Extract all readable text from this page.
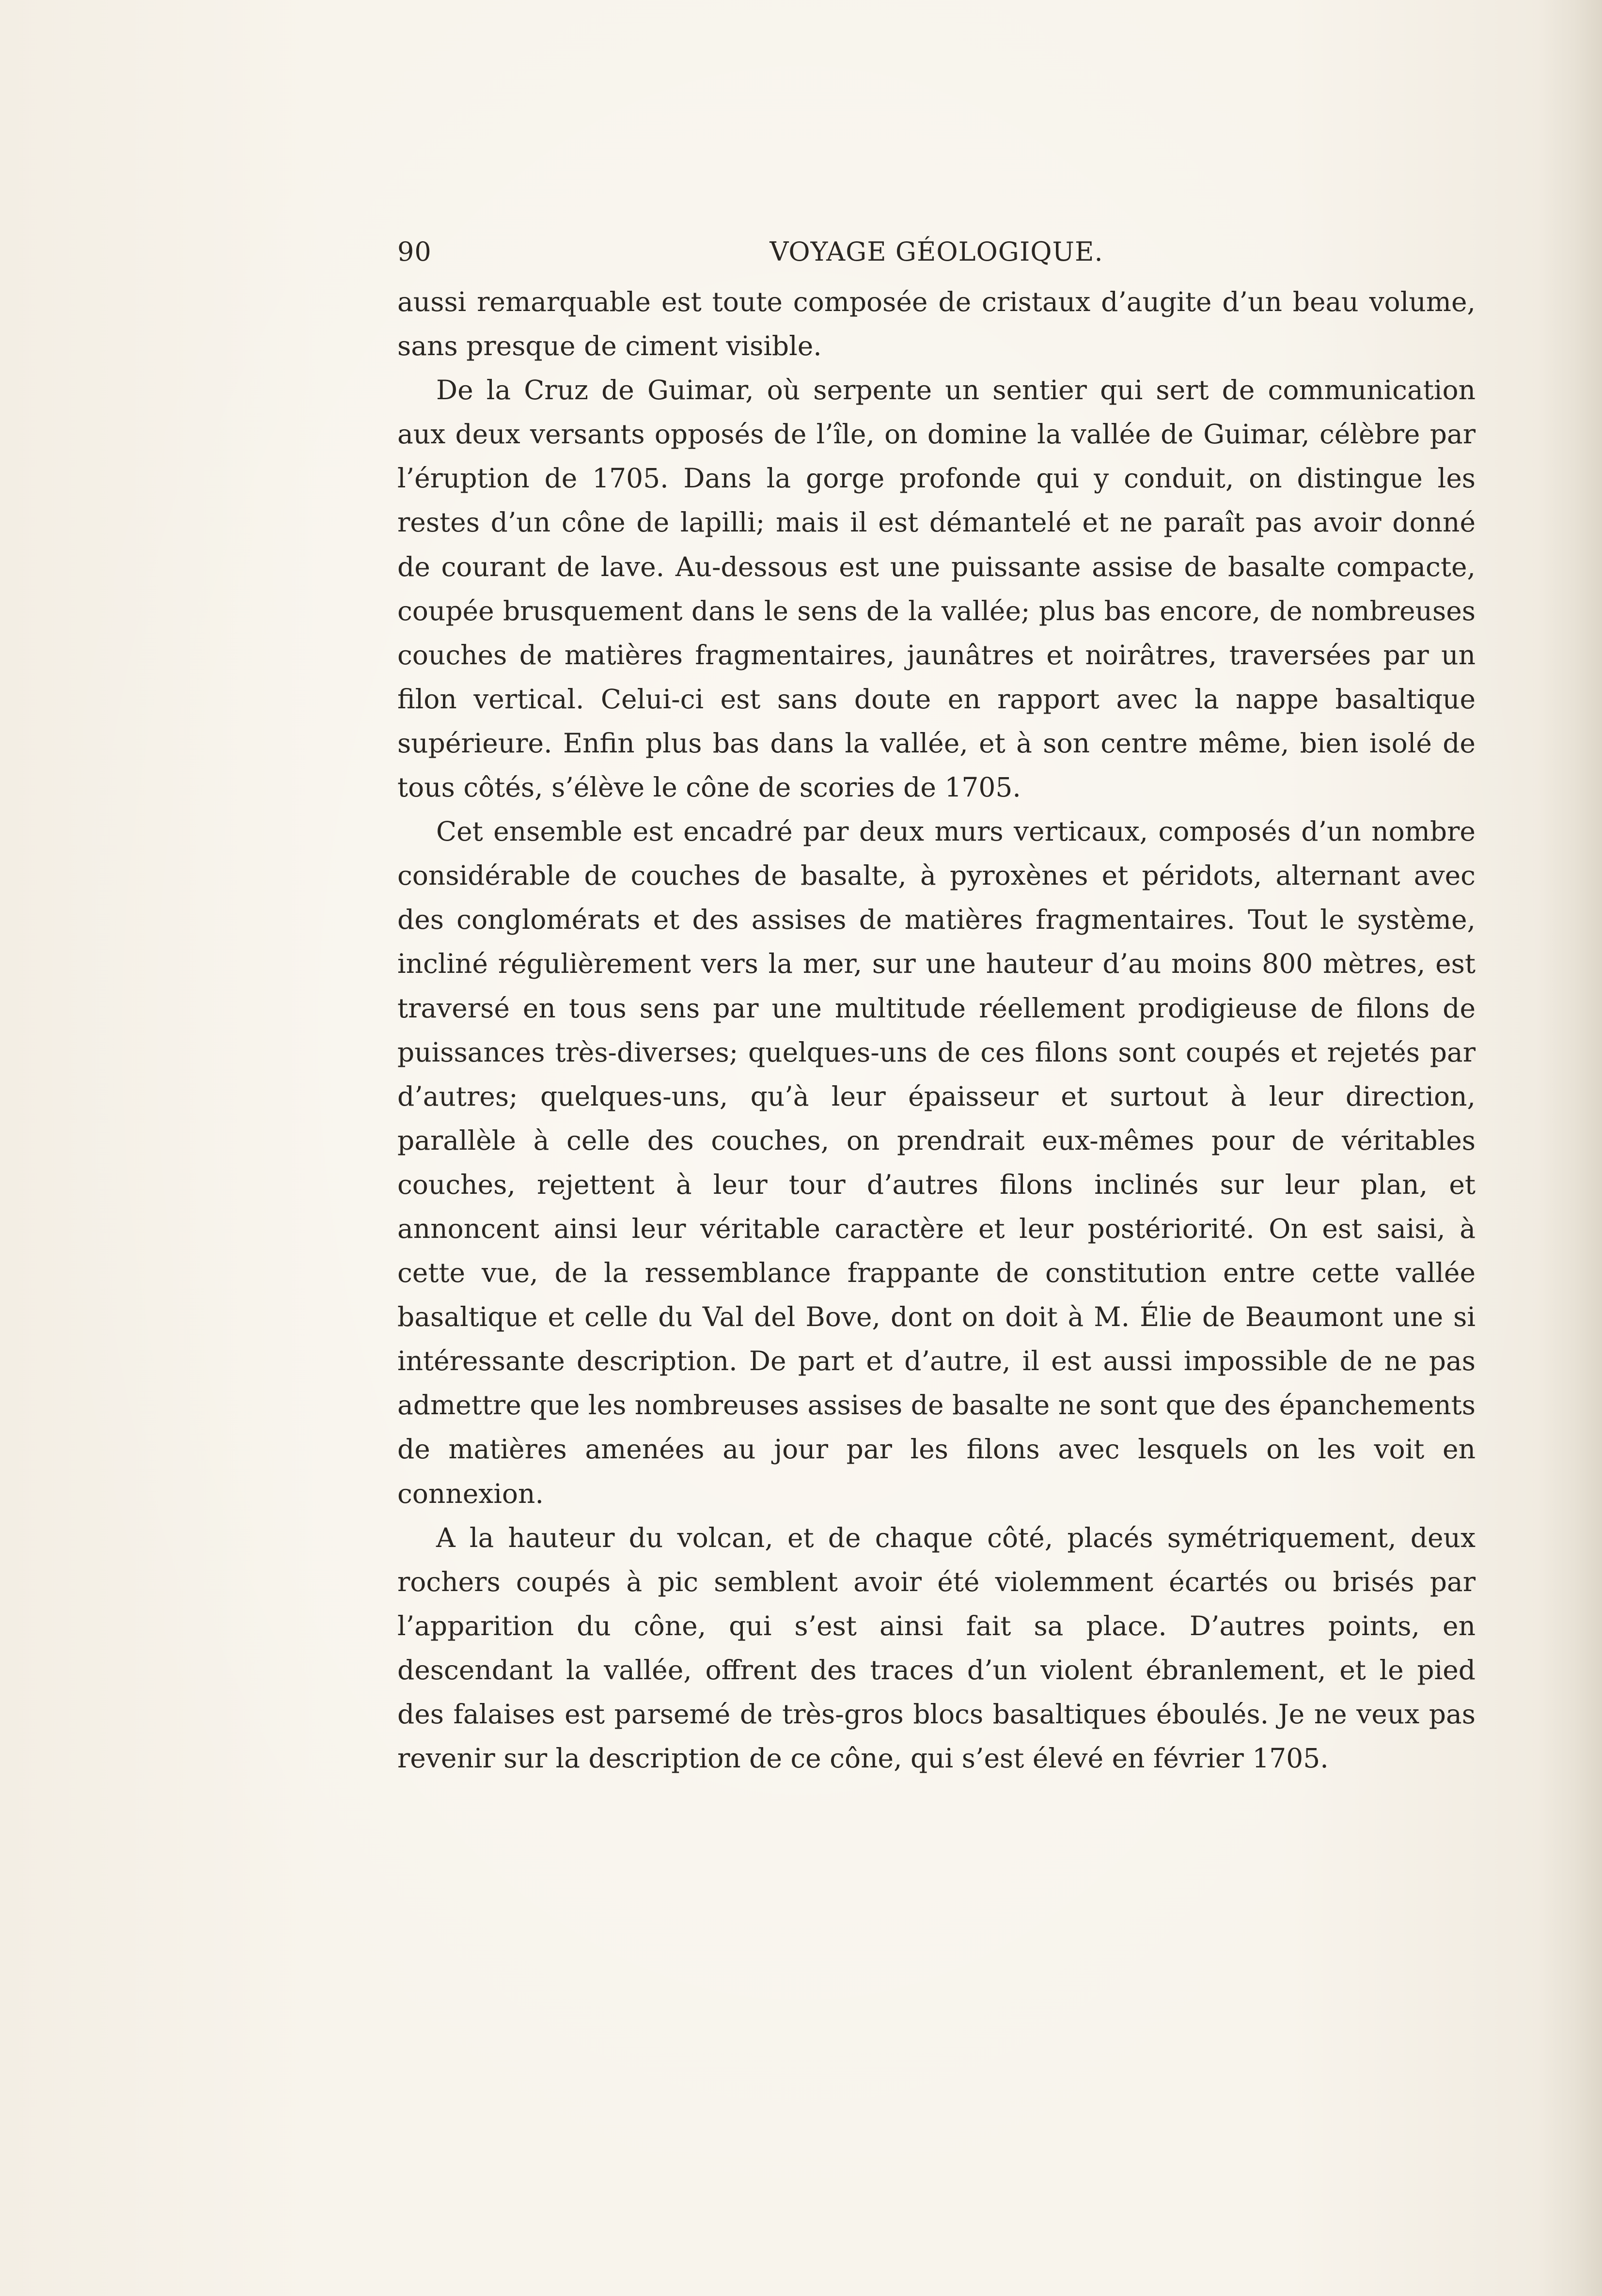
90	VOYAGE GÉOLOGIQUE.

aussi remarquable est toute composée de cristaux d’augite d’un beau volume, sans presque de ciment visible.

De la Cruz de Guimar, où serpente un sentier qui sert de communication aux deux versants opposés de l’île, on domine la vallée de Guimar, célèbre par l’éruption de 1705. Dans la gorge profonde qui y conduit, on distingue les restes d’un cône de lapilli; mais il est démantelé et ne paraît pas avoir donné de courant de lave. Au-dessous est une puissante assise de basalte compacte, coupée brusquement dans le sens de la vallée; plus bas encore, de nombreuses couches de matières fragmentaires, jaunâtres et noirâtres, traversées par un filon vertical. Celui-ci est sans doute en rapport avec la nappe basaltique supérieure. Enfin plus bas dans la vallée, et à son centre même, bien isolé de tous côtés, s’élève le cône de scories de 1705.

Cet ensemble est encadré par deux murs verticaux, composés d’un nombre considérable de couches de basalte, à pyroxènes et péridots, alternant avec des conglomérats et des assises de matières fragmentaires. Tout le système, incliné régulièrement vers la mer, sur une hauteur d’au moins 800 mètres, est traversé en tous sens par une multitude réellement prodigieuse de filons de puissances très-diverses; quelques-uns de ces filons sont coupés et rejetés par d’autres; quelques-uns, qu’à leur épaisseur et surtout à leur direction, parallèle à celle des couches, on prendrait eux-mêmes pour de véritables couches, rejettent à leur tour d’autres filons inclinés sur leur plan, et annoncent ainsi leur véritable caractère et leur postériorité. On est saisi, à cette vue, de la ressemblance frappante de constitution entre cette vallée basaltique et celle du Val del Bove, dont on doit à M. Élie de Beaumont une si intéressante description. De part et d’autre, il est aussi impossible de ne pas admettre que les nombreuses assises de basalte ne sont que des épanchements de matières amenées au jour par les filons avec lesquels on les voit en connexion.

A la hauteur du volcan, et de chaque côté, placés symétriquement, deux rochers coupés à pic semblent avoir été violemment écartés ou brisés par l’apparition du cône, qui s’est ainsi fait sa place. D’autres points, en descendant la vallée, offrent des traces d’un violent ébranlement, et le pied des falaises est parsemé de très-gros blocs basaltiques éboulés. Je ne veux pas revenir sur la description de ce cône, qui s’est élevé en février 1705.
